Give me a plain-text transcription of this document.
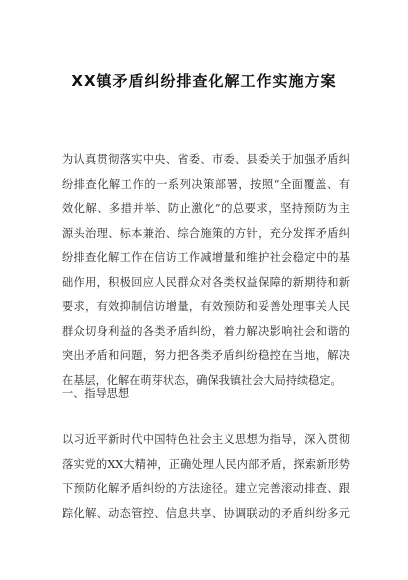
XX镇矛盾纠纷排查化解工作实施方案
为认真贯彻落实中央、省委、市委、县委关于加强矛盾纠
纷排查化解工作的一系列决策部署，按照“全面覆盖、有
效化解、多措并举、防止激化”的总要求，坚持预防为主
源头治理、标本兼治、综合施策的方针，充分发挥矛盾纠
纷排查化解工作在信访工作减增量和维护社会稳定中的基
础作用，积极回应人民群众对各类权益保障的新期待和新
要求，有效抑制信访增量，有效预防和妥善处理事关人民
群众切身利益的各类矛盾纠纷，着力解决影响社会和谐的
突出矛盾和问题，努力把各类矛盾纠纷稳控在当地，解决
在基层，化解在萌芽状态，确保我镇社会大局持续稳定。
一、指导思想
以习近平新时代中国特色社会主义思想为指导，深入贯彻
落实党的XX大精神，正确处理人民内部矛盾，探索新形势
下预防化解矛盾纠纷的方法途径。建立完善滚动排查、跟
踪化解、动态管控、信息共享、协调联动的矛盾纠纷多元
